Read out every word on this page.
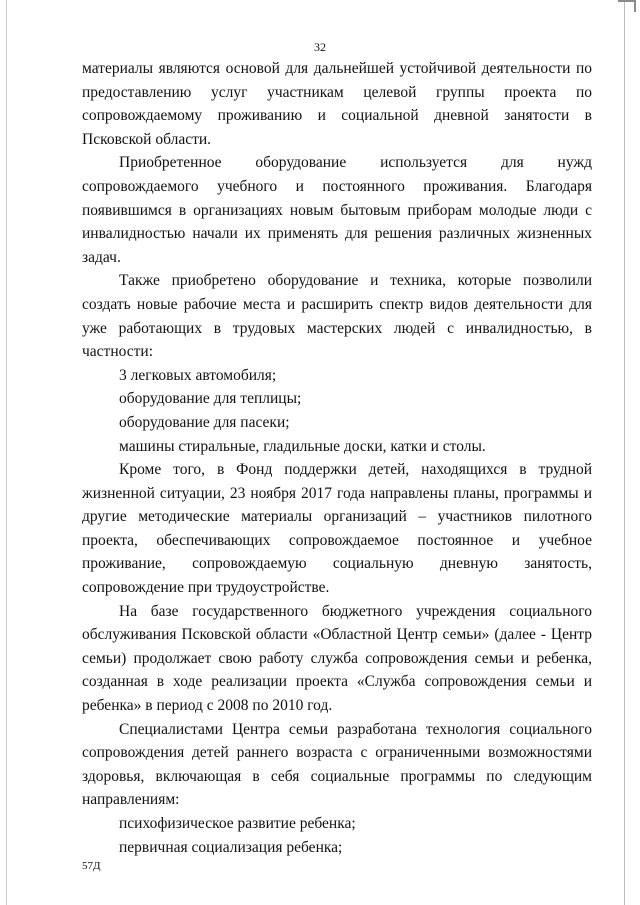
32

материалы являются основой для дальнейшей устойчивой деятельности по предоставлению услуг участникам целевой группы проекта по сопровождаемому проживанию и социальной дневной занятости в Псковской области.

Приобретенное оборудование используется для нужд сопровождаемого учебного и постоянного проживания. Благодаря появившимся в организациях новым бытовым приборам молодые люди с инвалидностью начали их применять для решения различных жизненных задач.

Также приобретено оборудование и техника, которые позволили создать новые рабочие места и расширить спектр видов деятельности для уже работающих в трудовых мастерских людей с инвалидностью, в частности:

3 легковых автомобиля;

оборудование для теплицы;

оборудование для пасеки;

машины стиральные, гладильные доски, катки и столы.

Кроме того, в Фонд поддержки детей, находящихся в трудной жизненной ситуации, 23 ноября 2017 года направлены планы, программы и другие методические материалы организаций – участников пилотного проекта, обеспечивающих сопровождаемое постоянное и учебное проживание, сопровождаемую социальную дневную занятость, сопровождение при трудоустройстве.

На базе государственного бюджетного учреждения социального обслуживания Псковской области «Областной Центр семьи» (далее - Центр семьи) продолжает свою работу служба сопровождения семьи и ребенка, созданная в ходе реализации проекта «Служба сопровождения семьи и ребенка» в период с 2008 по 2010 год.

Специалистами Центра семьи разработана технология социального сопровождения детей раннего возраста с ограниченными возможностями здоровья, включающая в себя социальные программы по следующим направлениям:

психофизическое развитие ребенка;

первичная социализация ребенка;

57Д
